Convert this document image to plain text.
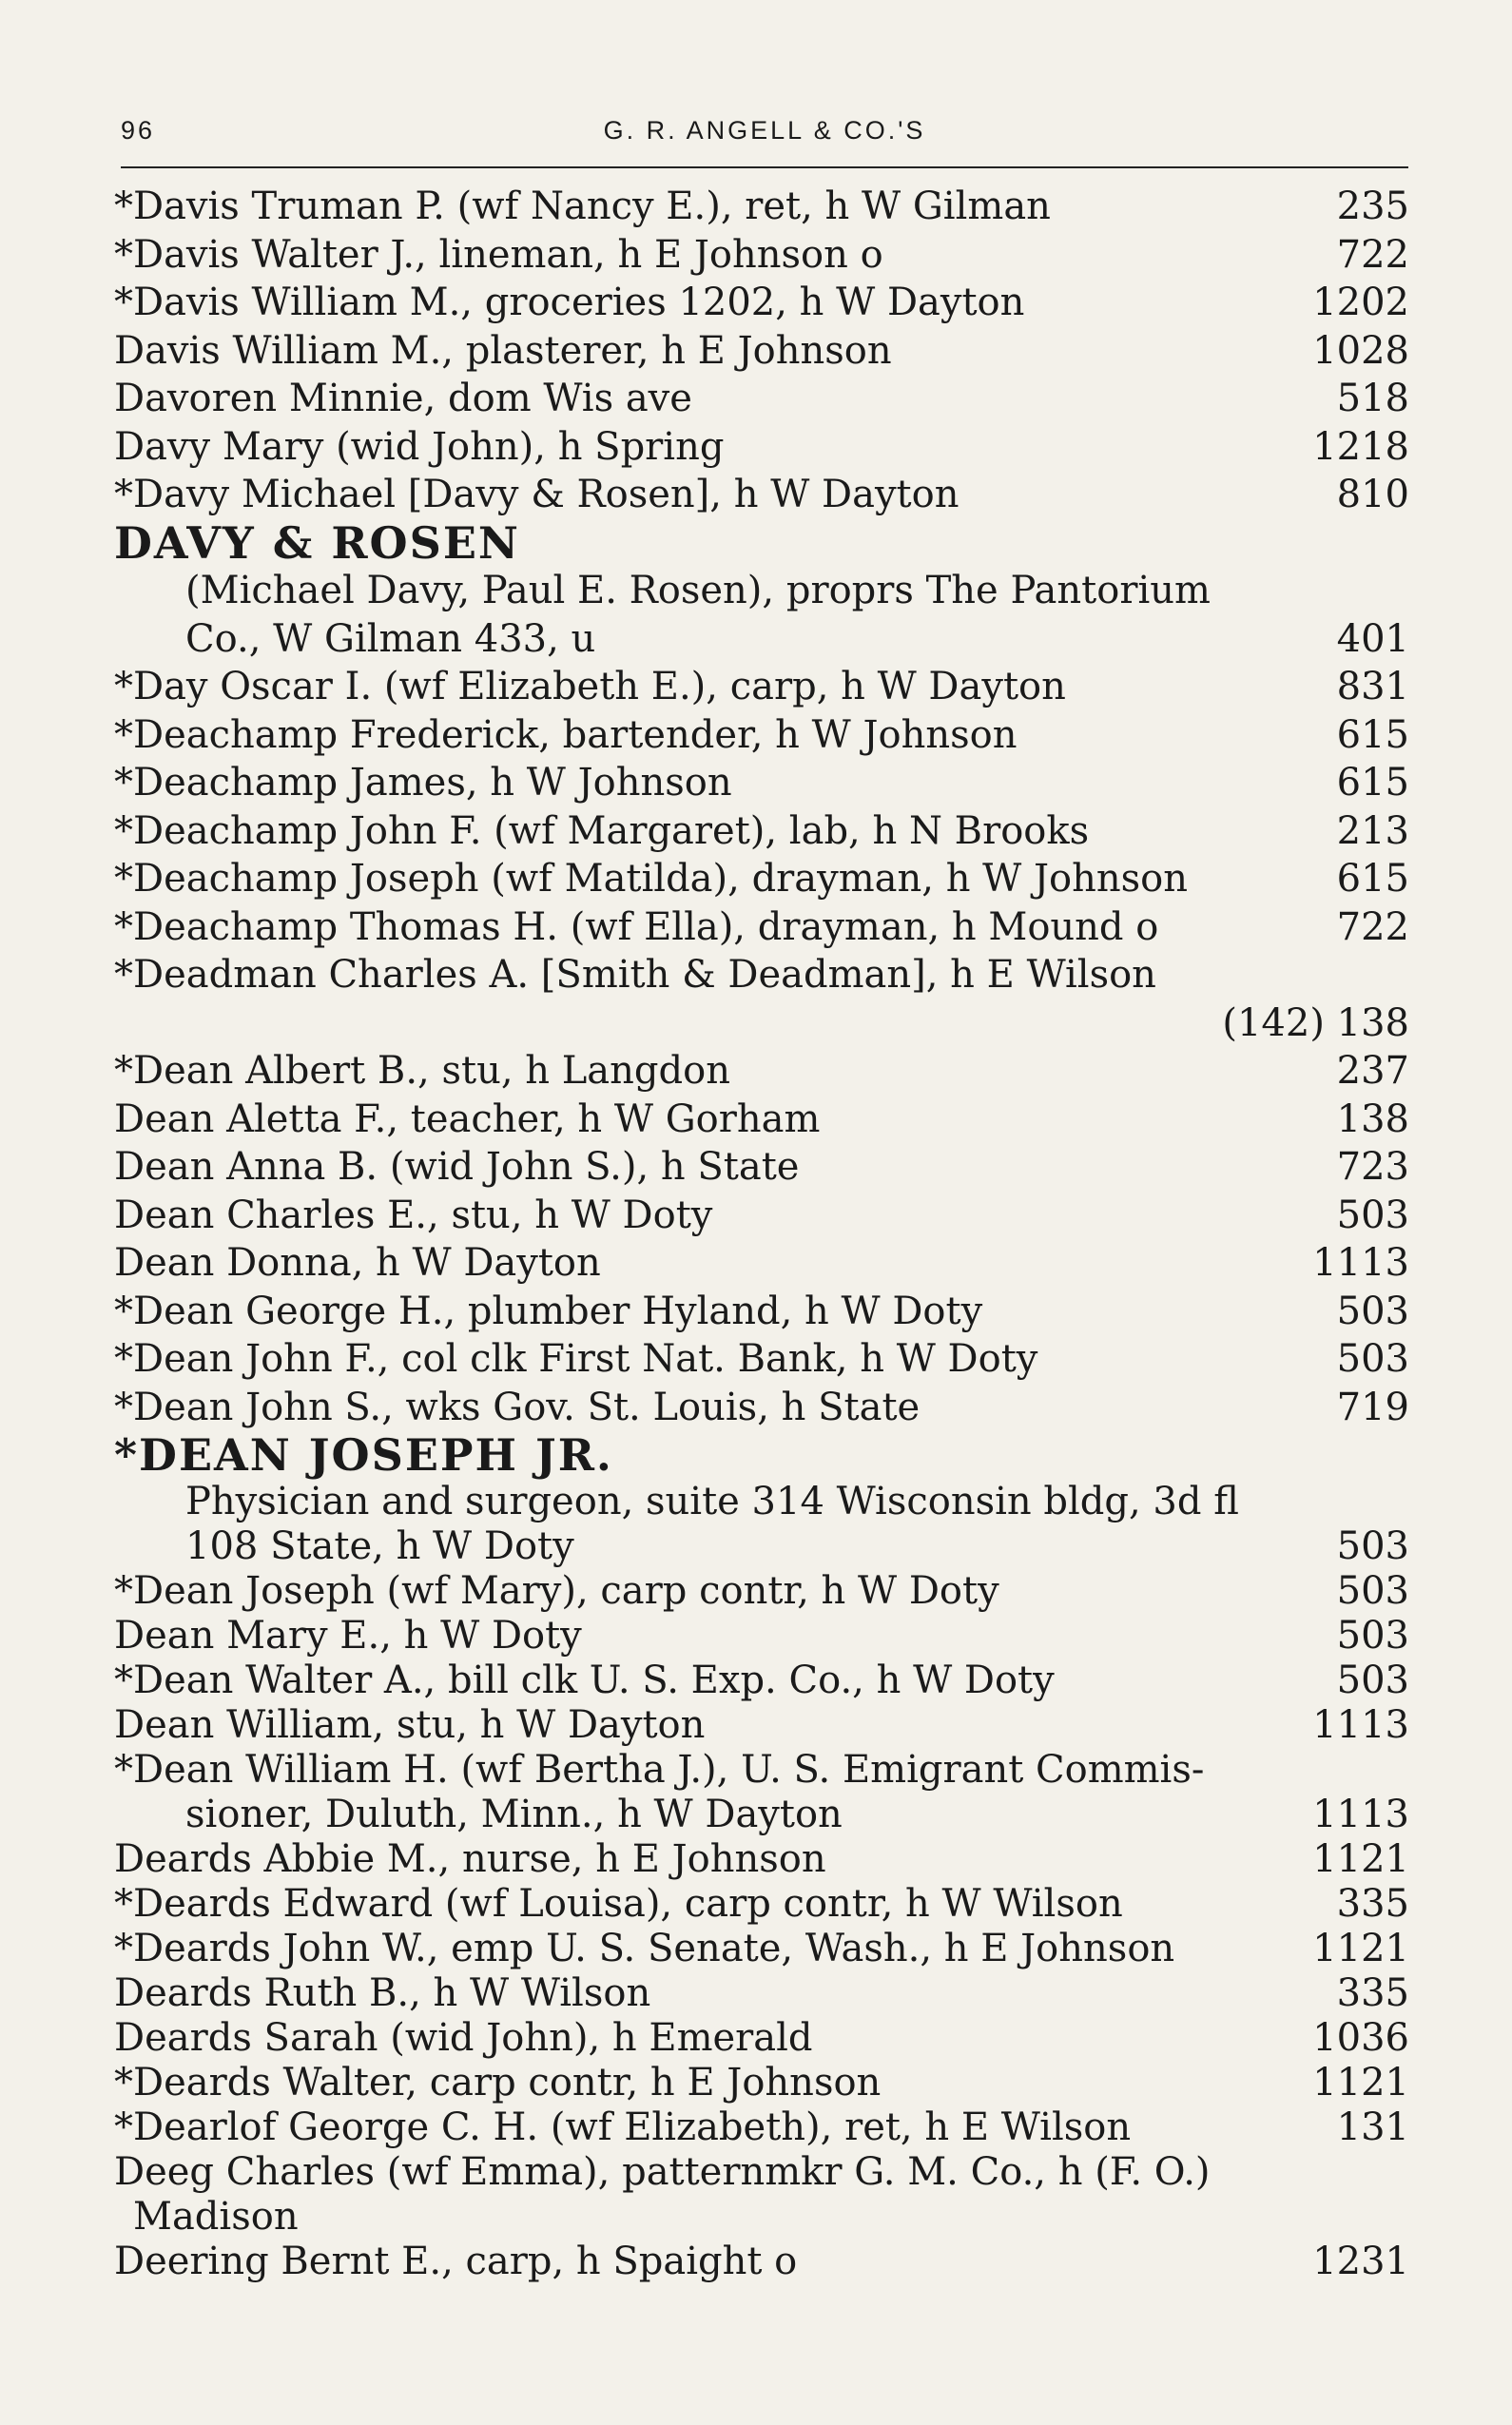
96	G. R. ANGELL & CO.'S
*Davis Truman P. (wf Nancy E.), ret, h W Gilman	235
*Davis Walter J., lineman, h E Johnson o	722
*Davis William M., groceries 1202, h W Dayton	1202
Davis William M., plasterer, h E Johnson	1028
Davoren Minnie, dom Wis ave	518
Davy Mary (wid John), h Spring	1218
*Davy Michael [Davy & Rosen], h W Dayton	810
DAVY & ROSEN
(Michael Davy, Paul E. Rosen), proprs The Pantorium
Co., W Gilman 433, u	401
*Day Oscar I. (wf Elizabeth E.), carp, h W Dayton	831
*Deachamp Frederick, bartender, h W Johnson	615
*Deachamp James, h W Johnson	615
*Deachamp John F. (wf Margaret), lab, h N Brooks	213
*Deachamp Joseph (wf Matilda), drayman, h W Johnson	615
*Deachamp Thomas H. (wf Ella), drayman, h Mound o	722
*Deadman Charles A. [Smith & Deadman], h E Wilson
(142) 138
*Dean Albert B., stu, h Langdon	237
Dean Aletta F., teacher, h W Gorham	138
Dean Anna B. (wid John S.), h State	723
Dean Charles E., stu, h W Doty	503
Dean Donna, h W Dayton	1113
*Dean George H., plumber Hyland, h W Doty	503
*Dean John F., col clk First Nat. Bank, h W Doty	503
*Dean John S., wks Gov. St. Louis, h State	719
*DEAN JOSEPH JR.
Physician and surgeon, suite 314 Wisconsin bldg, 3d fl
108 State, h W Doty	503
*Dean Joseph (wf Mary), carp contr, h W Doty	503
Dean Mary E., h W Doty	503
*Dean Walter A., bill clk U. S. Exp. Co., h W Doty	503
Dean William, stu, h W Dayton	1113
*Dean William H. (wf Bertha J.), U. S. Emigrant Commis-
sioner, Duluth, Minn., h W Dayton	1113
Deards Abbie M., nurse, h E Johnson	1121
*Deards Edward (wf Louisa), carp contr, h W Wilson	335
*Deards John W., emp U. S. Senate, Wash., h E Johnson	1121
Deards Ruth B., h W Wilson	335
Deards Sarah (wid John), h Emerald	1036
*Deards Walter, carp contr, h E Johnson	1121
*Dearlof George C. H. (wf Elizabeth), ret, h E Wilson	131
Deeg Charles (wf Emma), patternmkr G. M. Co., h (F. O.)
Madison
Deering Bernt E., carp, h Spaight o	1231
